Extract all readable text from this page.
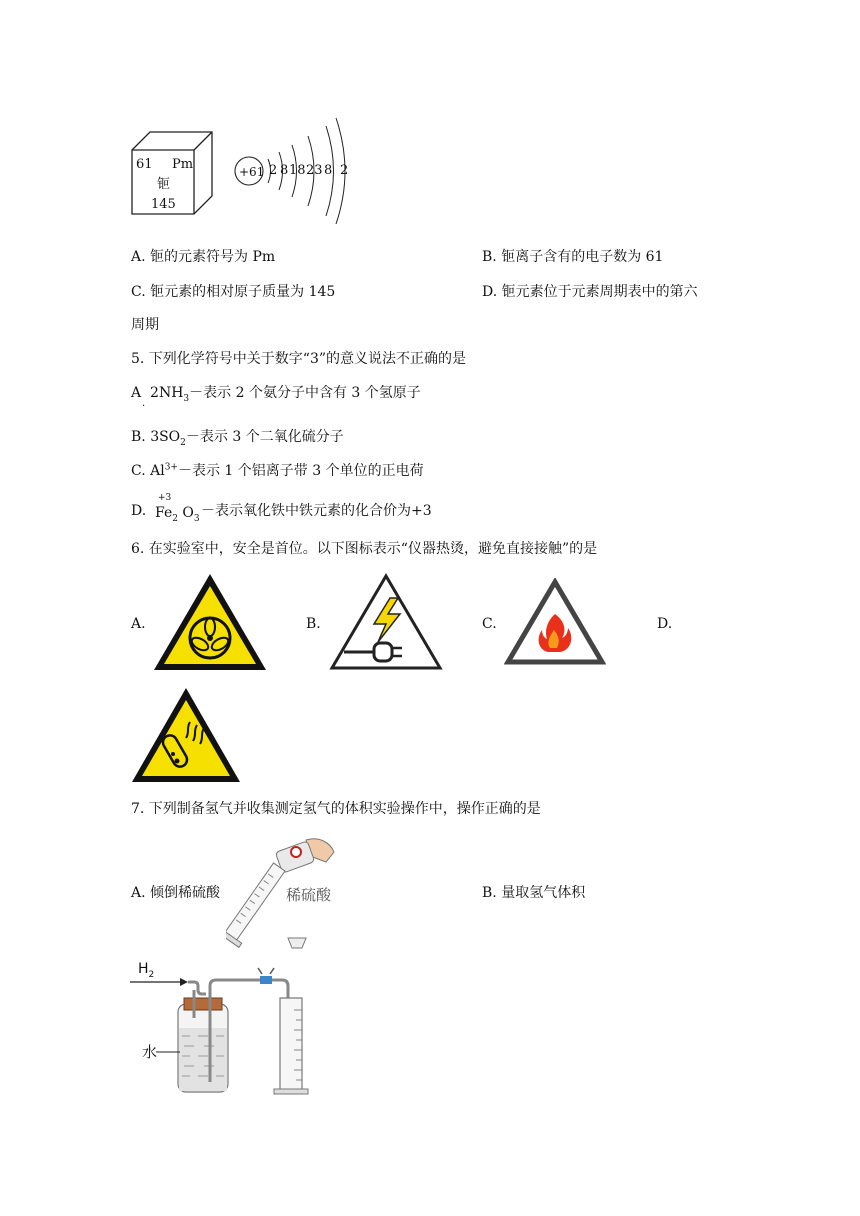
61 Pm
钷
145
+61 2 8 18 23 8 2
A. 钷的元素符号为 Pm	B. 钷离子含有的电子数为 61
C. 钷元素的相对原子质量为 145	D. 钷元素位于元素周期表中的第六
周期
5. 下列化学符号中关于数字“3”的意义说法不正确的是
A $2NH_3-$表示 2 个氨分子中含有 3 个氢原子
·
B. $3SO_2-$表示 3 个二氧化硫分子
C. $Al^{3+}-$表示 1 个铝离子带 3 个单位的正电荷
D.
+3
$Fe_2$ $O_3$ －表示氧化铁中铁元素的化合价为+3
6. 在实验室中，安全是首位。以下图标表示“仪器热烫，避免直接接触”的是
A.	B.	C.	D.
7. 下列制备氢气并收集测定氢气的体积实验操作中，操作正确的是
A. 倾倒稀硫酸	B. 量取氢气体积
稀硫酸
$H_2$
水
